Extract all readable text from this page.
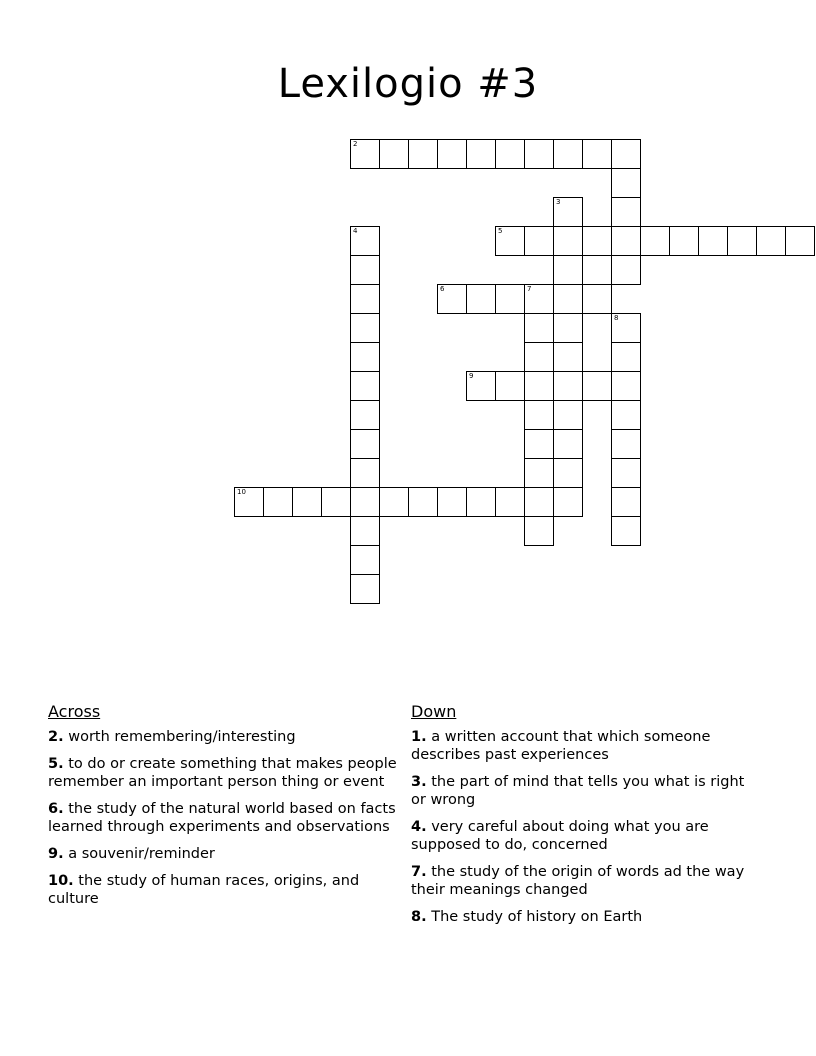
Lexilogio #3
2
3
5
4
6	7
8
9
10
Across
2. worth remembering/interesting
5. to do or create something that makes people remember an important person thing or event
6. the study of the natural world based on facts learned through experiments and observations
9. a souvenir/reminder
10. the study of human races, origins, and culture
Down
1. a written account that which someone describes past experiences
3. the part of mind that tells you what is right or wrong
4. very careful about doing what you are supposed to do, concerned
7. the study of the origin of words ad the way their meanings changed
8. The study of history on Earth
